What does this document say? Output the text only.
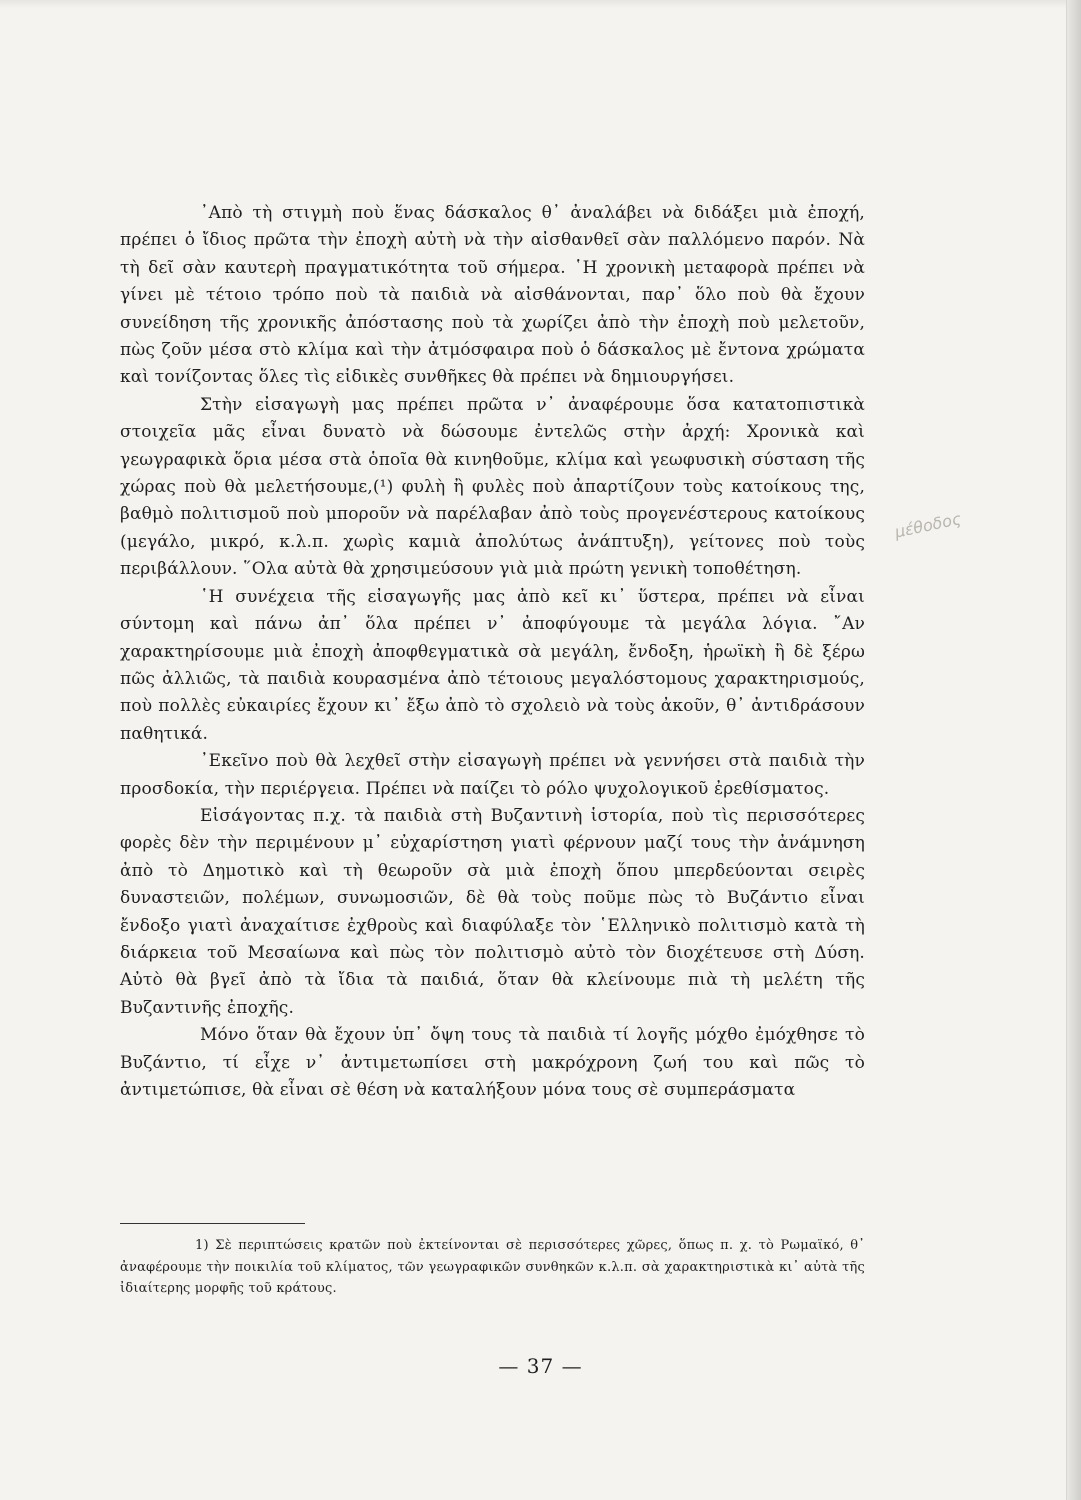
᾿Απὸ τὴ στιγμὴ ποὺ ἕνας δάσκαλος θ᾿ ἀναλάβει νὰ διδάξει μιὰ ἐποχή, πρέπει ὁ ἴδιος πρῶτα τὴν ἐποχὴ αὐτὴ νὰ τὴν αἰσθανθεῖ σὰν παλλόμενο παρόν. Νὰ τὴ δεῖ σὰν καυτερὴ πραγματικότητα τοῦ σήμερα. ῾Η χρονικὴ μεταφορὰ πρέπει νὰ γίνει μὲ τέτοιο τρόπο ποὺ τὰ παιδιὰ νὰ αἰσθάνονται, παρ᾿ ὅλο ποὺ θὰ ἔχουν συνείδηση τῆς χρονικῆς ἀπόστασης ποὺ τὰ χωρίζει ἀπὸ τὴν ἐποχὴ ποὺ μελετοῦν, πὼς ζοῦν μέσα στὸ κλίμα καὶ τὴν ἀτμόσφαιρα ποὺ ὁ δάσκαλος μὲ ἔντονα χρώματα καὶ τονίζοντας ὅλες τὶς εἰδικὲς συνθῆκες θὰ πρέπει νὰ δημιουργήσει.

Στὴν εἰσαγωγὴ μας πρέπει πρῶτα ν᾿ ἀναφέρουμε ὅσα κατατοπιστικὰ στοιχεῖα μᾶς εἶναι δυνατὸ νὰ δώσουμε ἐντελῶς στὴν ἀρχή: Χρονικὰ καὶ γεωγραφικὰ ὅρια μέσα στὰ ὁποῖα θὰ κινηθοῦμε, κλίμα καὶ γεωφυσικὴ σύσταση τῆς χώρας ποὺ θὰ μελετήσουμε,(¹) φυλὴ ἢ φυλὲς ποὺ ἀπαρτίζουν τοὺς κατοίκους της, βαθμὸ πολιτισμοῦ ποὺ μποροῦν νὰ παρέλαβαν ἀπὸ τοὺς προγενέστερους κατοίκους (μεγάλο, μικρό, κ.λ.π. χωρὶς καμιὰ ἀπολύτως ἀνάπτυξη), γείτονες ποὺ τοὺς περιβάλλουν. ῞Ολα αὐτὰ θὰ χρησιμεύσουν γιὰ μιὰ πρώτη γενικὴ τοποθέτηση.

῾Η συνέχεια τῆς εἰσαγωγῆς μας ἀπὸ κεῖ κι᾿ ὕστερα, πρέπει νὰ εἶναι σύντομη καὶ πάνω ἀπ᾿ ὅλα πρέπει ν᾿ ἀποφύγουμε τὰ μεγάλα λόγια. ῎Αν χαρακτηρίσουμε μιὰ ἐποχὴ ἀποφθεγματικὰ σὰ μεγάλη, ἔνδοξη, ἡρωϊκὴ ἢ δὲ ξέρω πῶς ἀλλιῶς, τὰ παιδιὰ κουρασμένα ἀπὸ τέτοιους μεγαλόστομους χαρακτηρισμούς, ποὺ πολλὲς εὐκαιρίες ἔχουν κι᾿ ἔξω ἀπὸ τὸ σχολειὸ νὰ τοὺς ἀκοῦν, θ᾿ ἀντιδράσουν παθητικά.

᾿Εκεῖνο ποὺ θὰ λεχθεῖ στὴν εἰσαγωγὴ πρέπει νὰ γεννήσει στὰ παιδιὰ τὴν προσδοκία, τὴν περιέργεια. Πρέπει νὰ παίζει τὸ ρόλο ψυχολογικοῦ ἐρεθίσματος.

Εἰσάγοντας π.χ. τὰ παιδιὰ στὴ Βυζαντινὴ ἱστορία, ποὺ τὶς περισσότερες φορὲς δὲν τὴν περιμένουν μ᾿ εὐχαρίστηση γιατὶ φέρνουν μαζί τους τὴν ἀνάμνηση ἀπὸ τὸ Δημοτικὸ καὶ τὴ θεωροῦν σὰ μιὰ ἐποχὴ ὅπου μπερδεύονται σειρὲς δυναστειῶν, πολέμων, συνωμοσιῶν, δὲ θὰ τοὺς ποῦμε πὼς τὸ Βυζάντιο εἶναι ἔνδοξο γιατὶ ἀναχαίτισε ἐχθροὺς καὶ διαφύλαξε τὸν ῾Ελληνικὸ πολιτισμὸ κατὰ τὴ διάρκεια τοῦ Μεσαίωνα καὶ πὼς τὸν πολιτισμὸ αὐτὸ τὸν διοχέτευσε στὴ Δύση. Αὐτὸ θὰ βγεῖ ἀπὸ τὰ ἴδια τὰ παιδιά, ὅταν θὰ κλείνουμε πιὰ τὴ μελέτη τῆς Βυζαντινῆς ἐποχῆς.

Μόνο ὅταν θὰ ἔχουν ὑπ᾿ ὄψη τους τὰ παιδιὰ τί λογῆς μόχθο ἐμόχθησε τὸ Βυζάντιο, τί εἶχε ν᾿ ἀντιμετωπίσει στὴ μακρόχρονη ζωή του καὶ πῶς τὸ ἀντιμετώπισε, θὰ εἶναι σὲ θέση νὰ καταλήξουν μόνα τους σὲ συμπεράσματα

μέθοδος

1) Σὲ περιπτώσεις κρατῶν ποὺ ἐκτείνονται σὲ περισσότερες χῶρες, ὅπως π. χ. τὸ Ρωμαϊκό, θ᾿ ἀναφέρουμε τὴν ποικιλία τοῦ κλίματος, τῶν γεωγραφικῶν συνθηκῶν κ.λ.π. σὰ χαρακτηριστικὰ κι᾿ αὐτὰ τῆς ἰδιαίτερης μορφῆς τοῦ κράτους.

— 37 —
